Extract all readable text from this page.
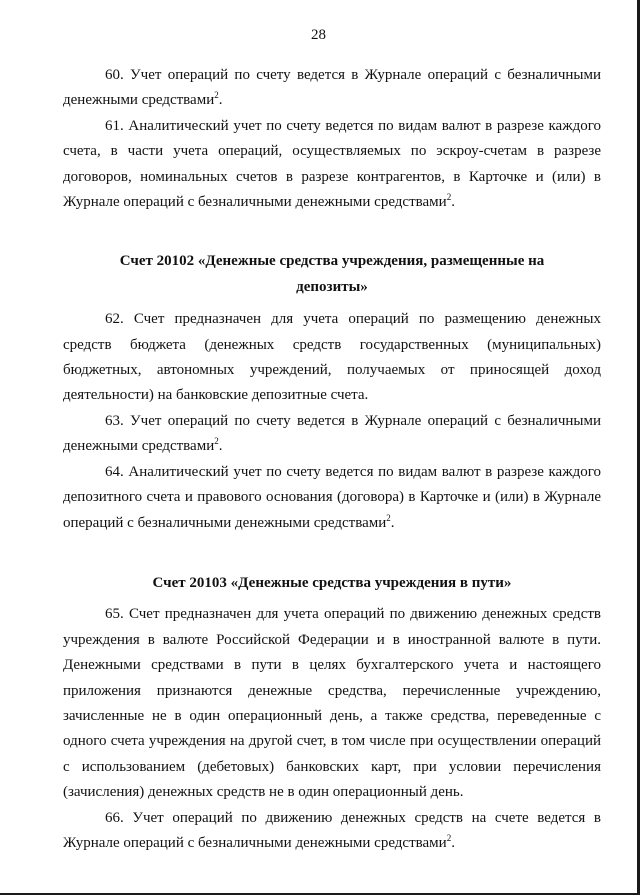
28

60. Учет операций по счету ведется в Журнале операций с безналичными денежными средствами$^2$.

61. Аналитический учет по счету ведется по видам валют в разрезе каждого счета, в части учета операций, осуществляемых по эскроу-счетам в разрезе договоров, номинальных счетов в разрезе контрагентов, в Карточке и (или) в Журнале операций с безналичными денежными средствами$^2$.

Счет 20102 «Денежные средства учреждения, размещенные на депозиты»

62. Счет предназначен для учета операций по размещению денежных средств бюджета (денежных средств государственных (муниципальных) бюджетных, автономных учреждений, получаемых от приносящей доход деятельности) на банковские депозитные счета.

63. Учет операций по счету ведется в Журнале операций с безналичными денежными средствами$^2$.

64. Аналитический учет по счету ведется по видам валют в разрезе каждого депозитного счета и правового основания (договора) в Карточке и (или) в Журнале операций с безналичными денежными средствами$^2$.

Счет 20103 «Денежные средства учреждения в пути»

65. Счет предназначен для учета операций по движению денежных средств учреждения в валюте Российской Федерации и в иностранной валюте в пути. Денежными средствами в пути в целях бухгалтерского учета и настоящего приложения признаются денежные средства, перечисленные учреждению, зачисленные не в один операционный день, а также средства, переведенные с одного счета учреждения на другой счет, в том числе при осуществлении операций с использованием (дебетовых) банковских карт, при условии перечисления (зачисления) денежных средств не в один операционный день.

66. Учет операций по движению денежных средств на счете ведется в Журнале операций с безналичными денежными средствами$^2$.
